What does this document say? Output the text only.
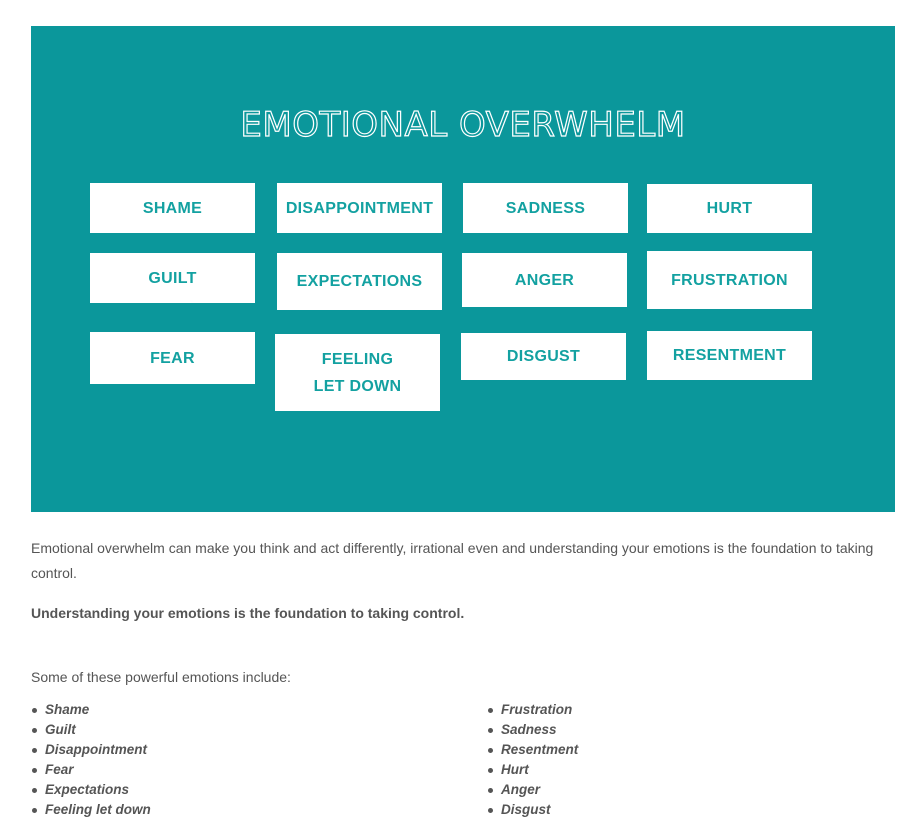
EMOTIONAL OVERWHELM
SHAME	DISAPPOINTMENT	SADNESS	HURT
GUILT	EXPECTATIONS	ANGER	FRUSTRATION
FEAR	FEELING
LET DOWN
DISGUST	RESENTMENT

Emotional overwhelm can make you think and act differently, irrational even and understanding your emotions is the foundation to taking control.

Understanding your emotions is the foundation to taking control.

Some of these powerful emotions include:

Shame
Guilt
Disappointment
Fear
Expectations
Feeling let down
Frustration
Sadness
Resentment
Hurt
Anger
Disgust
